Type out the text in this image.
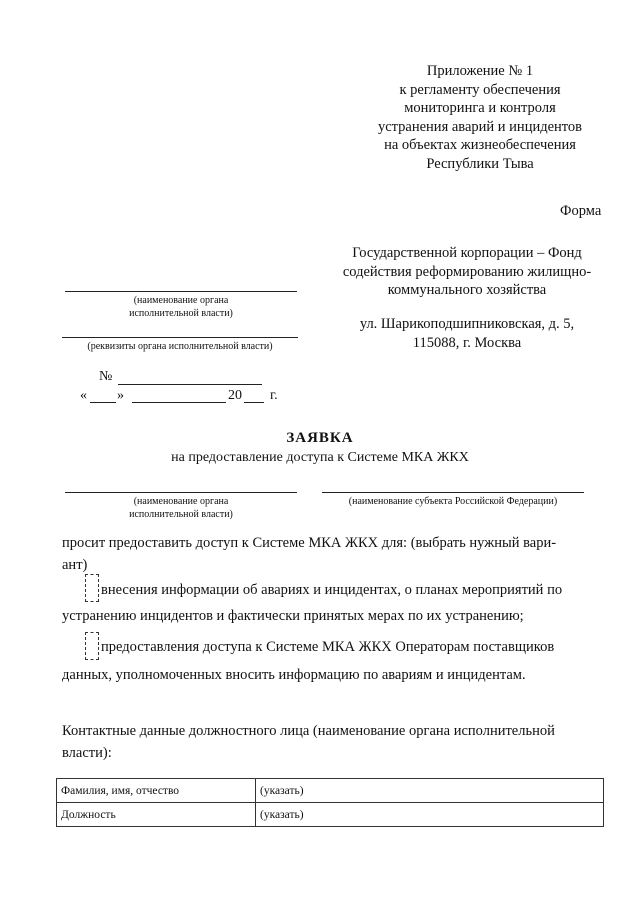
Приложение № 1
к регламенту обеспечения
мониторинга и контроля
устранения аварий и инцидентов
на объектах жизнеобеспечения
Республики Тыва
Форма
Государственной корпорации – Фонд
содействия реформированию жилищно-
коммунального хозяйства
ул. Шарикоподшипниковская, д. 5,
115088, г. Москва
(наименование органа
исполнительной власти)
(реквизиты органа исполнительной власти)
№
« »	20 г.
ЗАЯВКА
на предоставление доступа к Системе МКА ЖКХ
(наименование органа
исполнительной власти)
(наименование субъекта Российской Федерации)
просит предоставить доступ к Системе МКА ЖКХ для: (выбрать нужный вари-
ант)
внесения информации об авариях и инцидентах, о планах мероприятий по
устранению инцидентов и фактически принятых мерах по их устранению;
предоставления доступа к Системе МКА ЖКХ Операторам поставщиков
данных, уполномоченных вносить информацию по авариям и инцидентам.
Контактные данные должностного лица (наименование органа исполнительной
власти):
Фамилия, имя, отчество	(указать)
Должность	(указать)
